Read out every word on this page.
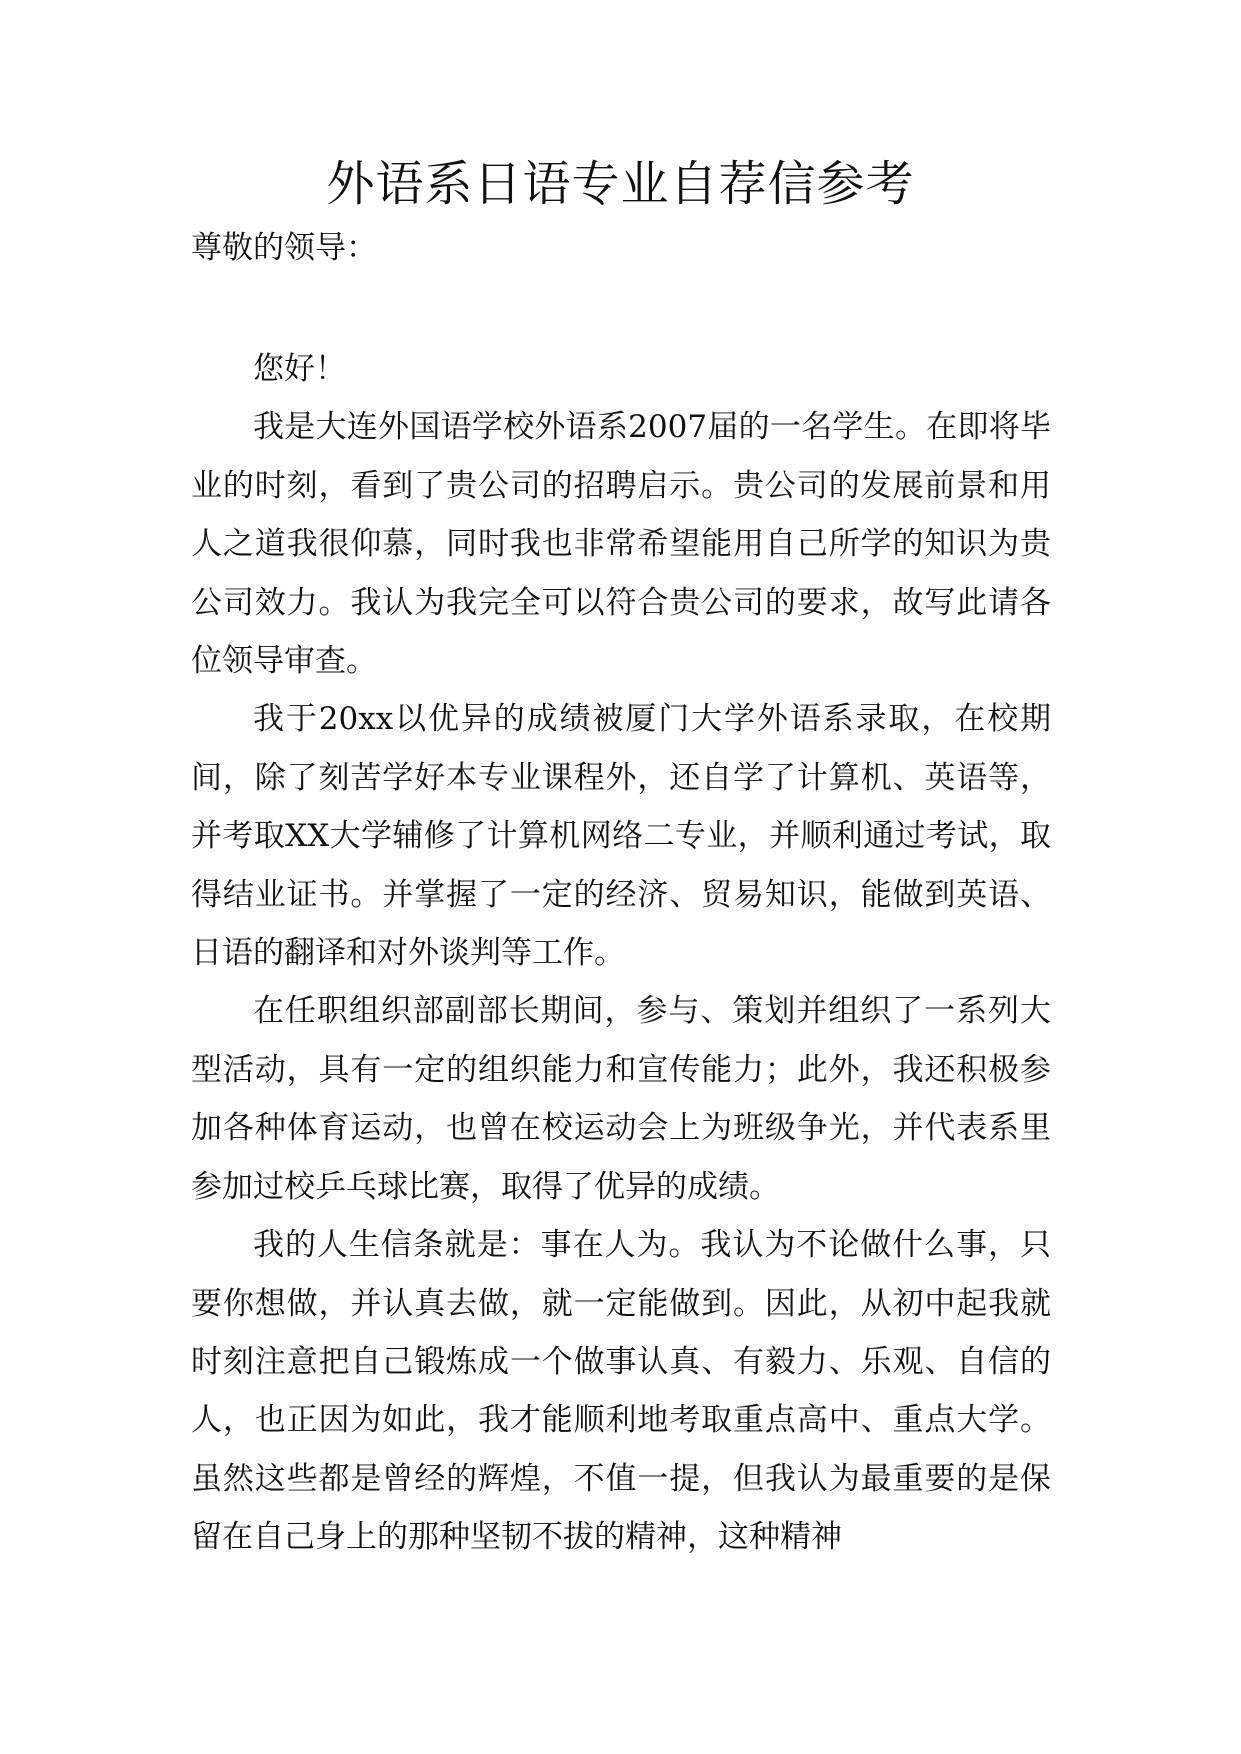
外语系日语专业自荐信参考

尊敬的领导：

您好！

我是大连外国语学校外语系2007届的一名学生。在即将毕业的时刻，看到了贵公司的招聘启示。贵公司的发展前景和用人之道我很仰慕，同时我也非常希望能用自己所学的知识为贵公司效力。我认为我完全可以符合贵公司的要求，故写此请各位领导审查。

我于20xx以优异的成绩被厦门大学外语系录取，在校期间，除了刻苦学好本专业课程外，还自学了计算机、英语等，并考取XX大学辅修了计算机网络二专业，并顺利通过考试，取得结业证书。并掌握了一定的经济、贸易知识，能做到英语、日语的翻译和对外谈判等工作。

在任职组织部副部长期间，参与、策划并组织了一系列大型活动，具有一定的组织能力和宣传能力；此外，我还积极参加各种体育运动，也曾在校运动会上为班级争光，并代表系里参加过校乒乓球比赛，取得了优异的成绩。

我的人生信条就是：事在人为。我认为不论做什么事，只要你想做，并认真去做，就一定能做到。因此，从初中起我就时刻注意把自己锻炼成一个做事认真、有毅力、乐观、自信的人，也正因为如此，我才能顺利地考取重点高中、重点大学。虽然这些都是曾经的辉煌，不值一提，但我认为最重要的是保留在自己身上的那种坚韧不拔的精神，这种精神
